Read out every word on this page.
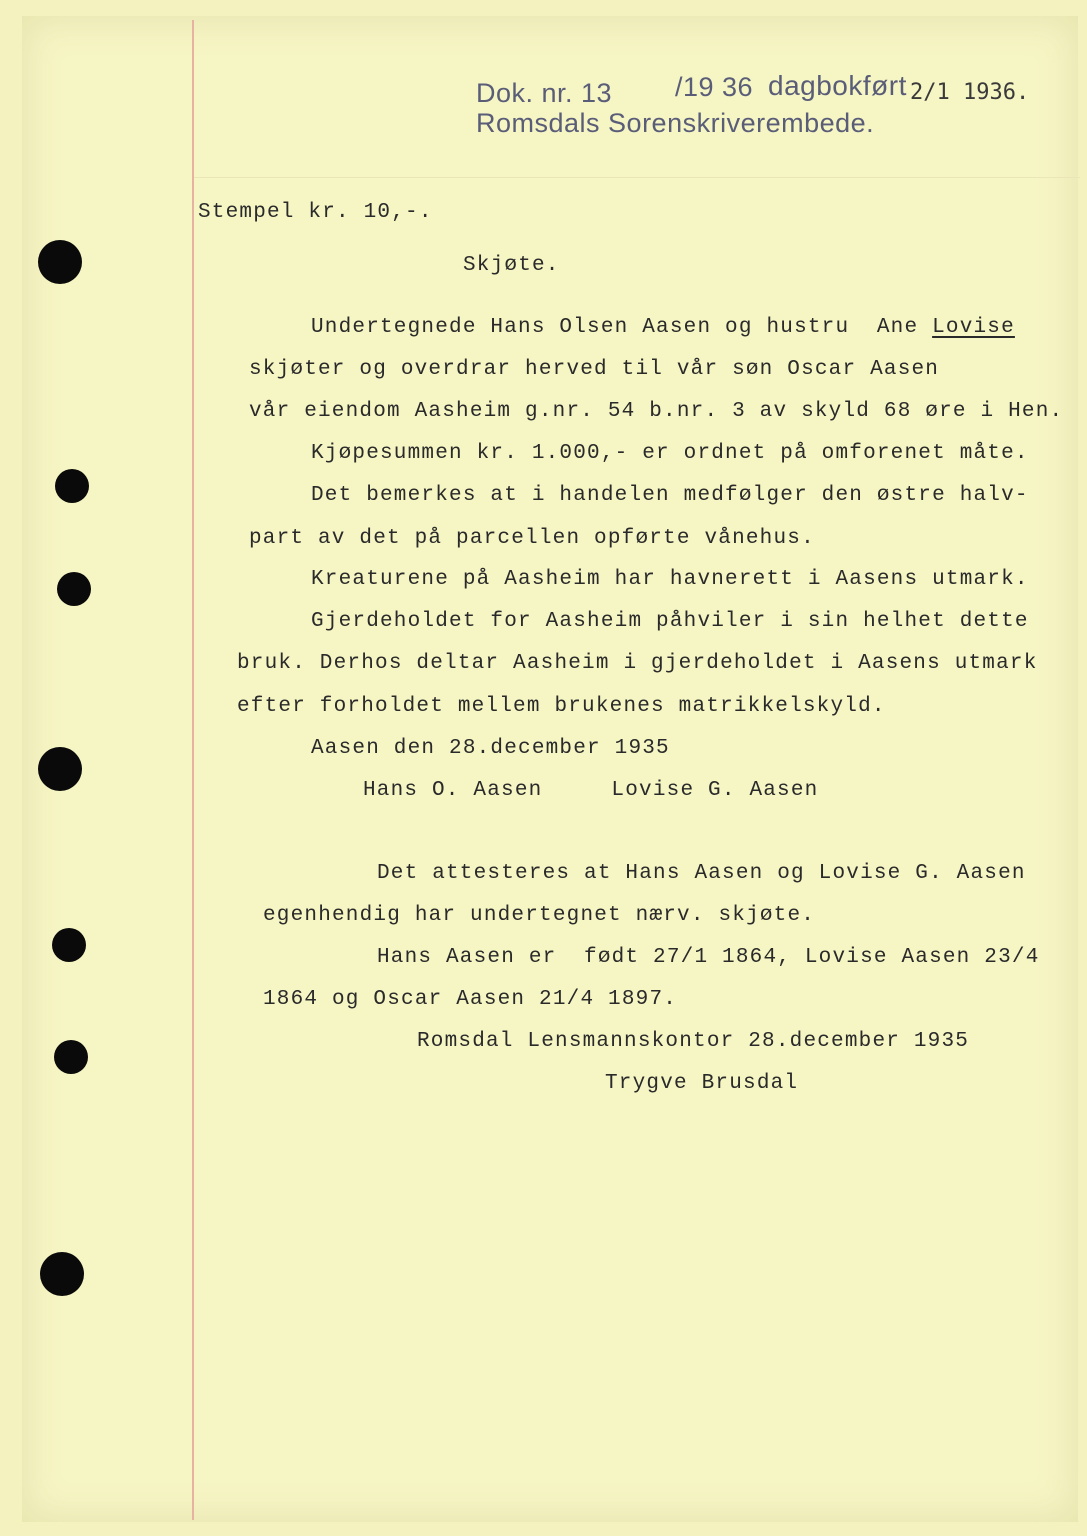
Dok. nr. 13 /19 36 dagbokført 2/1 1936.
Romsdals Sorenskriverembede.
Stempel kr. 10,-.
Skjøte.
Undertegnede Hans Olsen Aasen og hustru  Ane Lovise
skjøter og overdrar herved til vår søn Oscar Aasen
vår eiendom Aasheim g.nr. 54 b.nr. 3 av skyld 68 øre i Hen.
Kjøpesummen kr. 1.000,- er ordnet på omforenet måte.
Det bemerkes at i handelen medfølger den østre halv-
part av det på parcellen opførte vånehus.
Kreaturene på Aasheim har havnerett i Aasens utmark.
Gjerdeholdet for Aasheim påhviler i sin helhet dette
bruk. Derhos deltar Aasheim i gjerdeholdet i Aasens utmark
efter forholdet mellem brukenes matrikkelskyld.
Aasen den 28.december 1935
Hans O. Aasen     Lovise G. Aasen
Det attesteres at Hans Aasen og Lovise G. Aasen
egenhendig har undertegnet nærv. skjøte.
Hans Aasen er  født 27/1 1864, Lovise Aasen 23/4
1864 og Oscar Aasen 21/4 1897.
Romsdal Lensmannskontor 28.december 1935
Trygve Brusdal
